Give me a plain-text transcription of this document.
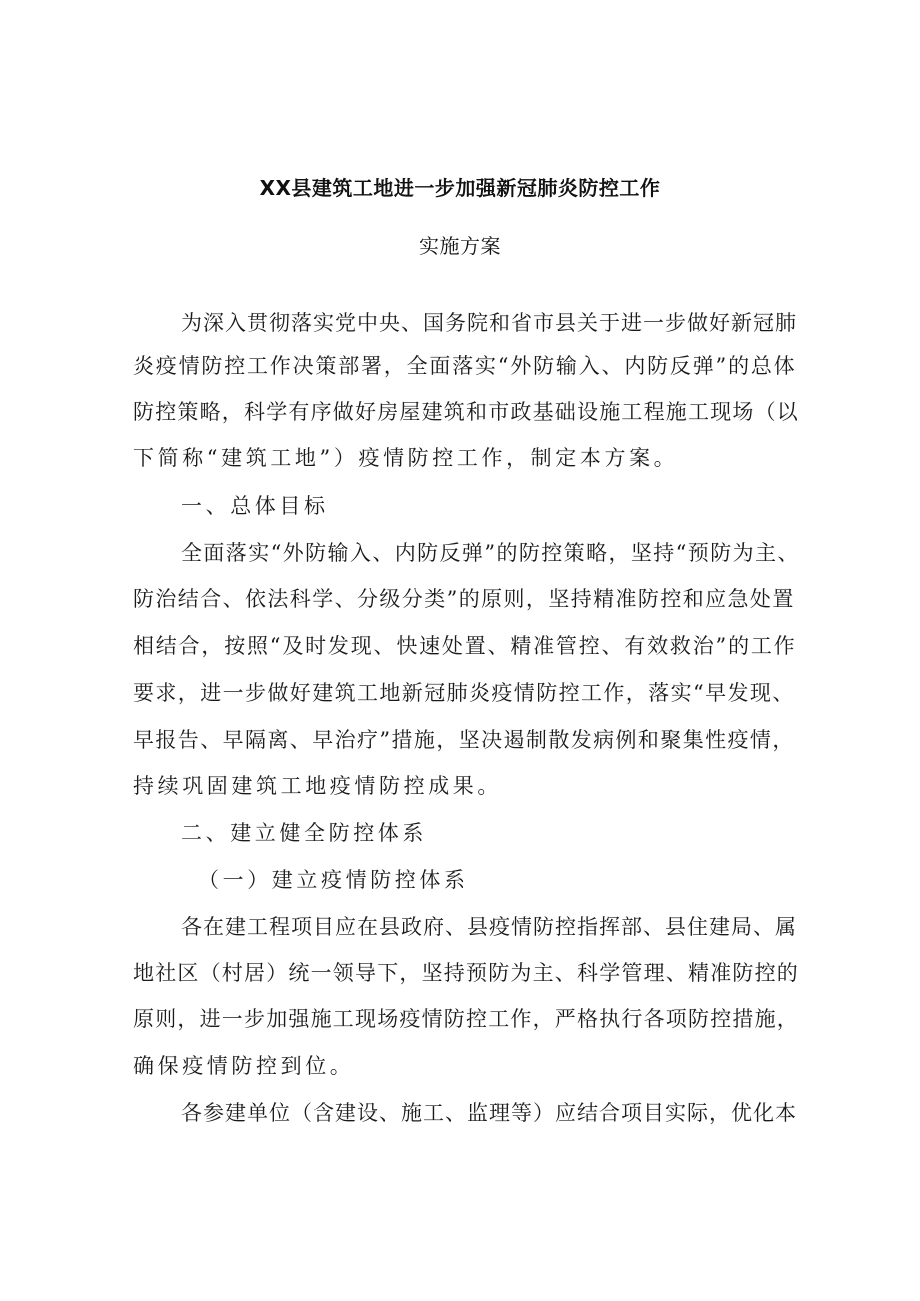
XX县建筑工地进一步加强新冠肺炎防控工作
实施方案

为深入贯彻落实党中央、国务院和省市县关于进一步做好新冠肺

炎疫情防控工作决策部署，全面落实“外防输入、内防反弹”的总体

防控策略，科学有序做好房屋建筑和市政基础设施工程施工现场（以

下简称“建筑工地”）疫情防控工作，制定本方案。

一、总体目标

全面落实“外防输入、内防反弹”的防控策略，坚持“预防为主、

防治结合、依法科学、分级分类”的原则，坚持精准防控和应急处置

相结合，按照“及时发现、快速处置、精准管控、有效救治”的工作

要求，进一步做好建筑工地新冠肺炎疫情防控工作，落实“早发现、

早报告、早隔离、早治疗”措施，坚决遏制散发病例和聚集性疫情，

持续巩固建筑工地疫情防控成果。

二、建立健全防控体系

（一）建立疫情防控体系

各在建工程项目应在县政府、县疫情防控指挥部、县住建局、属

地社区（村居）统一领导下，坚持预防为主、科学管理、精准防控的

原则，进一步加强施工现场疫情防控工作，严格执行各项防控措施，

确保疫情防控到位。

各参建单位（含建设、施工、监理等）应结合项目实际，优化本
